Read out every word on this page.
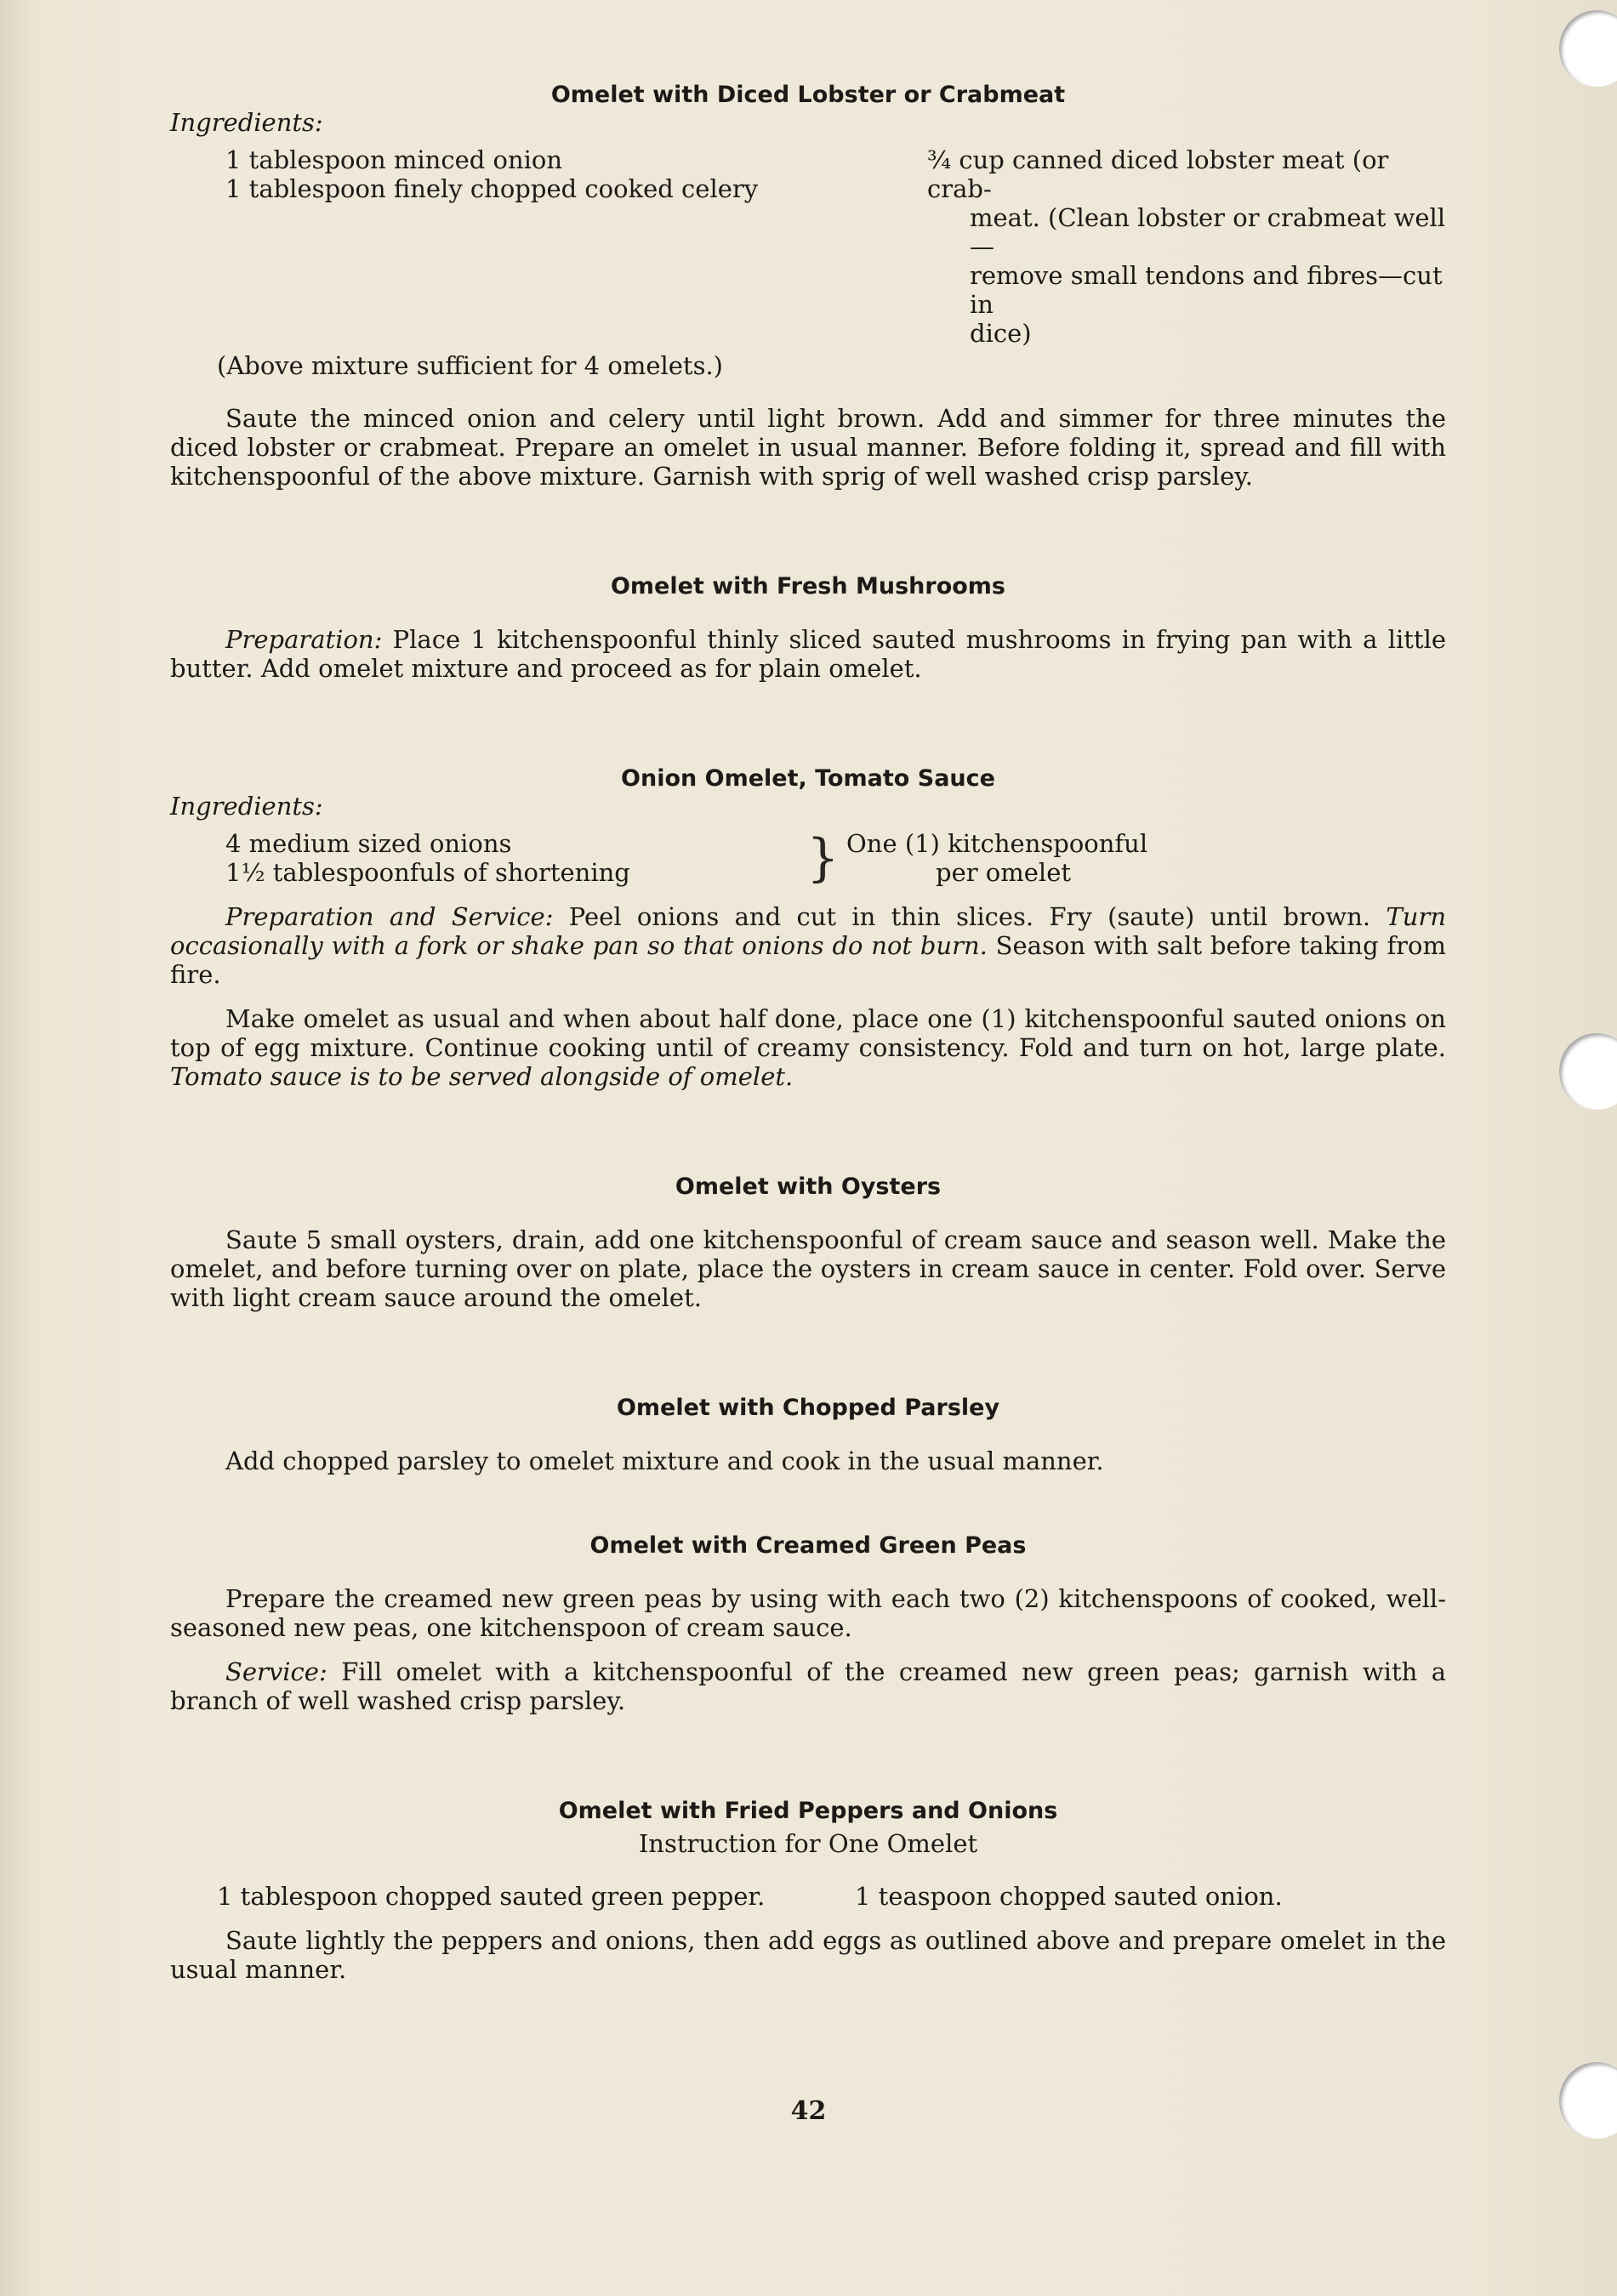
Omelet with Diced Lobster or Crabmeat
Ingredients:

1 tablespoon minced onion

1 tablespoon finely chopped cooked celery

¾ cup canned diced lobster meat (or crab-

meat. (Clean lobster or crabmeat well—

remove small tendons and fibres—cut in

dice)

(Above mixture sufficient for 4 omelets.)

Saute the minced onion and celery until light brown. Add and simmer for three minutes the diced lobster or crabmeat. Prepare an omelet in usual manner. Before folding it, spread and fill with kitchenspoonful of the above mixture. Garnish with sprig of well washed crisp parsley.

Omelet with Fresh Mushrooms

Preparation: Place 1 kitchenspoonful thinly sliced sauted mushrooms in frying pan with a little butter. Add omelet mixture and proceed as for plain omelet.

Onion Omelet, Tomato Sauce
Ingredients:

4 medium sized onions

1½ tablespoonfuls of shortening	} One (1) kitchenspoonful

per omelet

Preparation and Service: Peel onions and cut in thin slices. Fry (saute) until brown. Turn occasionally with a fork or shake pan so that onions do not burn. Season with salt before taking from fire.

Make omelet as usual and when about half done, place one (1) kitchenspoonful sauted onions on top of egg mixture. Continue cooking until of creamy consistency. Fold and turn on hot, large plate. Tomato sauce is to be served alongside of omelet.

Omelet with Oysters

Saute 5 small oysters, drain, add one kitchenspoonful of cream sauce and season well. Make the omelet, and before turning over on plate, place the oysters in cream sauce in center. Fold over. Serve with light cream sauce around the omelet.

Omelet with Chopped Parsley

Add chopped parsley to omelet mixture and cook in the usual manner.

Omelet with Creamed Green Peas

Prepare the creamed new green peas by using with each two (2) kitchenspoons of cooked, well-seasoned new peas, one kitchenspoon of cream sauce.

Service: Fill omelet with a kitchenspoonful of the creamed new green peas; garnish with a branch of well washed crisp parsley.

Omelet with Fried Peppers and Onions

Instruction for One Omelet

1 tablespoon chopped sauted green pepper.	1 teaspoon chopped sauted onion.

Saute lightly the peppers and onions, then add eggs as outlined above and prepare omelet in the usual manner.

42
